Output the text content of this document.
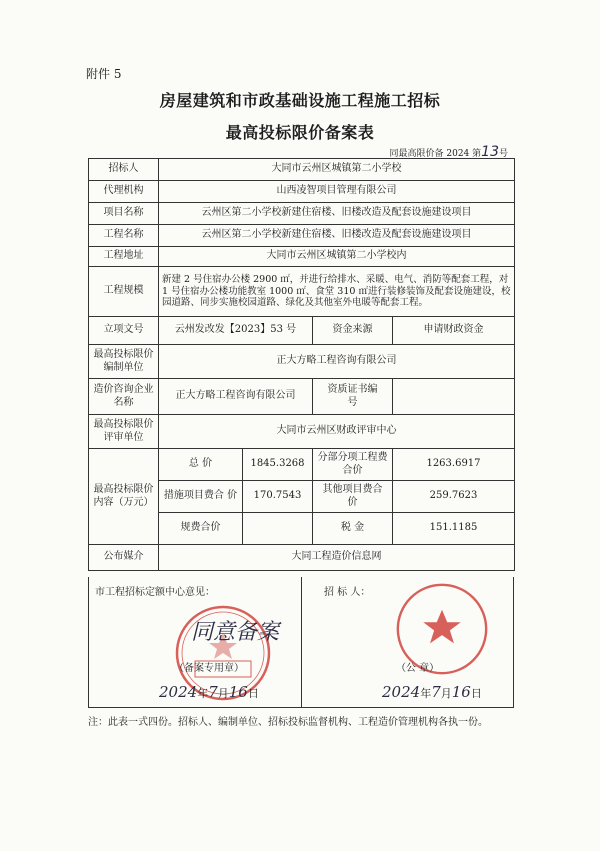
附件 5
房屋建筑和市政基础设施工程施工招标
最高投标限价备案表
同最高限价备 2024 第13号
招标人	大同市云州区城镇第二小学校			
代理机构	山西凌智项目管理有限公司			
项目名称	云州区第二小学校新建住宿楼、旧楼改造及配套设施建设项目			
工程名称	云州区第二小学校新建住宿楼、旧楼改造及配套设施建设项目			
工程地址	大同市云州区城镇第二小学校内			
工程规模	新建 2 号住宿办公楼 2900 ㎡，并进行给排水、采暖、电气、消防等配套工程，对 1 号住宿办公楼功能教室 1000 ㎡、食堂 310 ㎡进行装修装饰及配套设施建设，校园道路、同步实施校园道路、绿化及其他室外电暖等配套工程。			
立项文号	云州发改发【2023】53 号		资金来源	申请财政资金
最高投标限价编制单位	正大方略工程咨询有限公司			
造价咨询企业名称	正大方略工程咨询有限公司		资质证书编　　号	
最高投标限价评审单位	大同市云州区财政评审中心			
最高投标限价内容（万元）	总 价	1845.3268	分部分项工程费合价	1263.6917
	措施项目费合 价	170.7543	其他项目费合 价	259.7623
	规费合价		税 金	151.1185
公布媒介	大同工程造价信息网			
市工程招标定额中心意见：	招 标 人：
同意备案
（备案专用章）	（公 章）
2024年7月16日	2024年7月16日
注：此表一式四份。招标人、编制单位、招标投标监督机构、工程造价管理机构各执一份。
